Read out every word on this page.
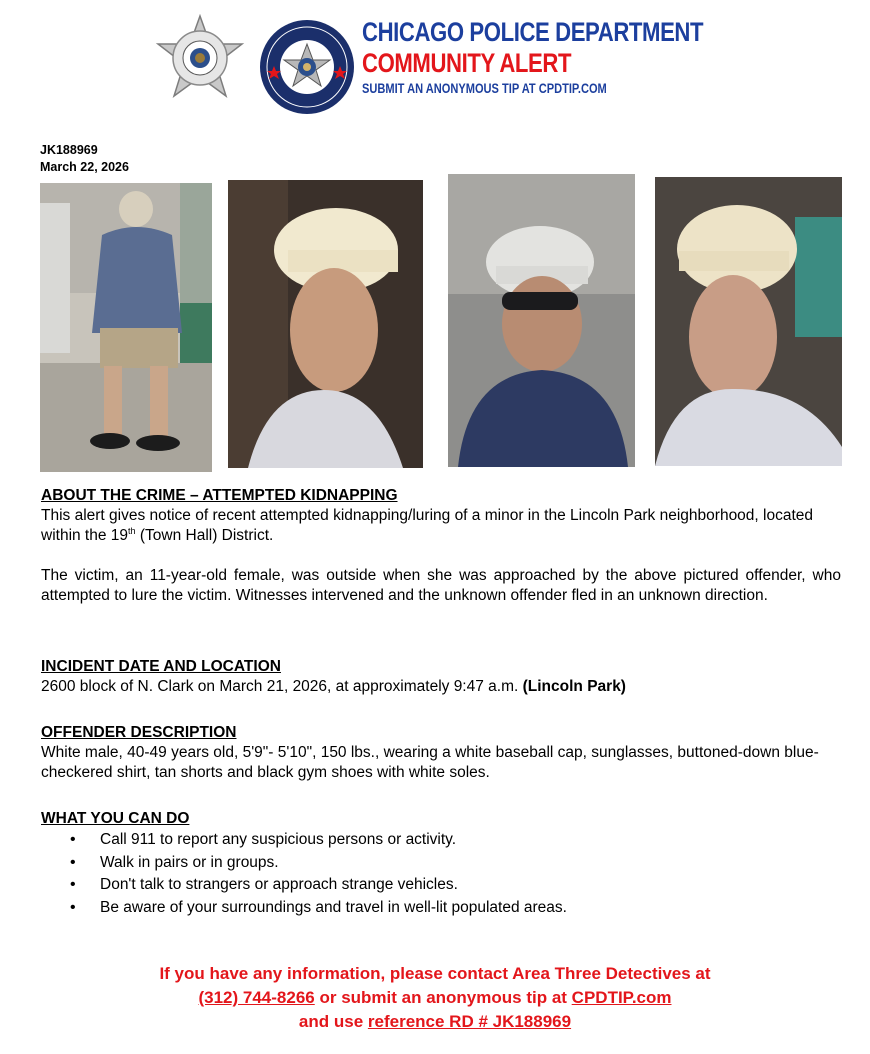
CHICAGO POLICE DEPARTMENT
COMMUNITY ALERT
SUBMIT AN ANONYMOUS TIP AT CPDTIP.COM
JK188969
March 22, 2026
ABOUT THE CRIME – ATTEMPTED KIDNAPPING

This alert gives notice of recent attempted kidnapping/luring of a minor in the Lincoln Park neighborhood, located within the 19th (Town Hall) District.

The victim, an 11-year-old female, was outside when she was approached by the above pictured offender, who attempted to lure the victim. Witnesses intervened and the unknown offender fled in an unknown direction.

INCIDENT DATE AND LOCATION
2600 block of N. Clark on March 21, 2026, at approximately 9:47 a.m. (Lincoln Park)
OFFENDER DESCRIPTION
White male, 40-49 years old, 5'9"- 5'10", 150 lbs., wearing a white baseball cap, sunglasses, buttoned-down blue-checkered shirt, tan shorts and black gym shoes with white soles.
WHAT YOU CAN DO
• Call 911 to report any suspicious persons or activity.
• Walk in pairs or in groups.
• Don't talk to strangers or approach strange vehicles.
• Be aware of your surroundings and travel in well-lit populated areas.
If you have any information, please contact Area Three Detectives at
(312) 744-8266 or submit an anonymous tip at CPDTIP.com
and use reference RD # JK188969
